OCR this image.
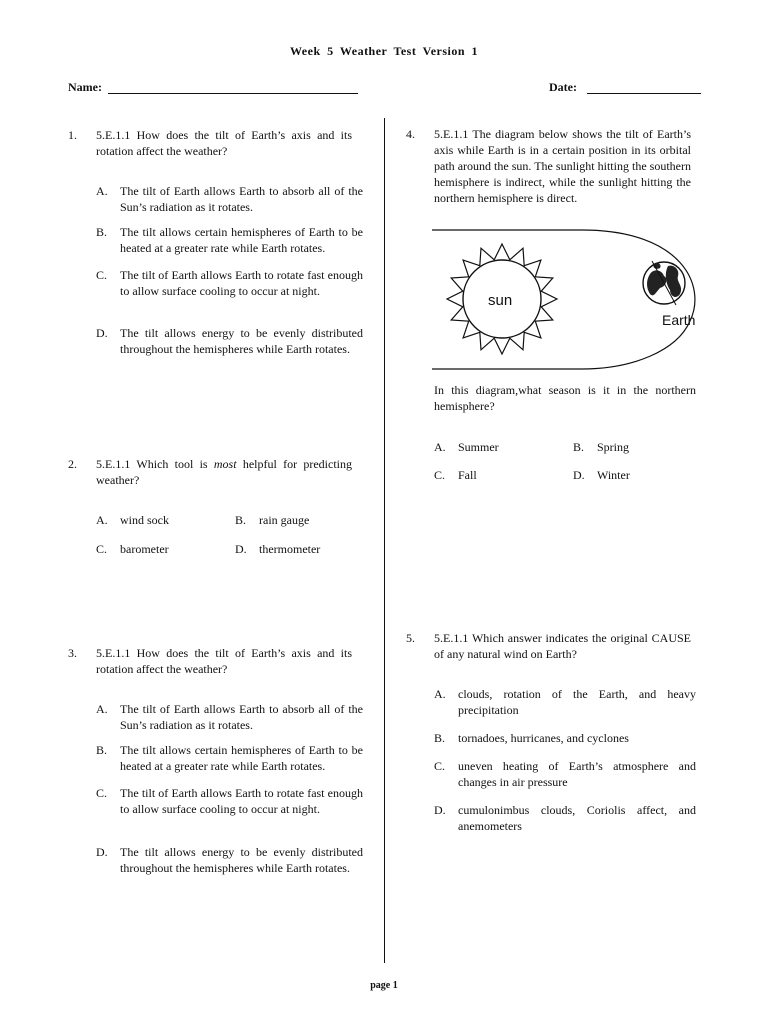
Week 5 Weather Test Version 1
Name:	Date:
1. 5.E.1.1 How does the tilt of Earth’s axis and its rotation affect the weather?
A. The tilt of Earth allows Earth to absorb all of the Sun’s radiation as it rotates.
B. The tilt allows certain hemispheres of Earth to be heated at a greater rate while Earth rotates.
C. The tilt of Earth allows Earth to rotate fast enough to allow surface cooling to occur at night.
D. The tilt allows energy to be evenly distributed throughout the hemispheres while Earth rotates.
2. 5.E.1.1 Which tool is most helpful for predicting weather?
A. wind sock	B. rain gauge
C. barometer	D. thermometer
3. 5.E.1.1 How does the tilt of Earth’s axis and its rotation affect the weather?
A. The tilt of Earth allows Earth to absorb all of the Sun’s radiation as it rotates.
B. The tilt allows certain hemispheres of Earth to be heated at a greater rate while Earth rotates.
C. The tilt of Earth allows Earth to rotate fast enough to allow surface cooling to occur at night.
D. The tilt allows energy to be evenly distributed throughout the hemispheres while Earth rotates.
4. 5.E.1.1 The diagram below shows the tilt of Earth’s axis while Earth is in a certain position in its orbital path around the sun. The sunlight hitting the southern hemisphere is indirect, while the sunlight hitting the northern hemisphere is direct.
sun
Earth
In this diagram,what season is it in the northern hemisphere?
A. Summer	B. Spring
C. Fall	D. Winter
5. 5.E.1.1 Which answer indicates the original CAUSE of any natural wind on Earth?
A. clouds, rotation of the Earth, and heavy precipitation
B. tornadoes, hurricanes, and cyclones
C. uneven heating of Earth’s atmosphere and changes in air pressure
D. cumulonimbus clouds, Coriolis affect, and anemometers
page 1
